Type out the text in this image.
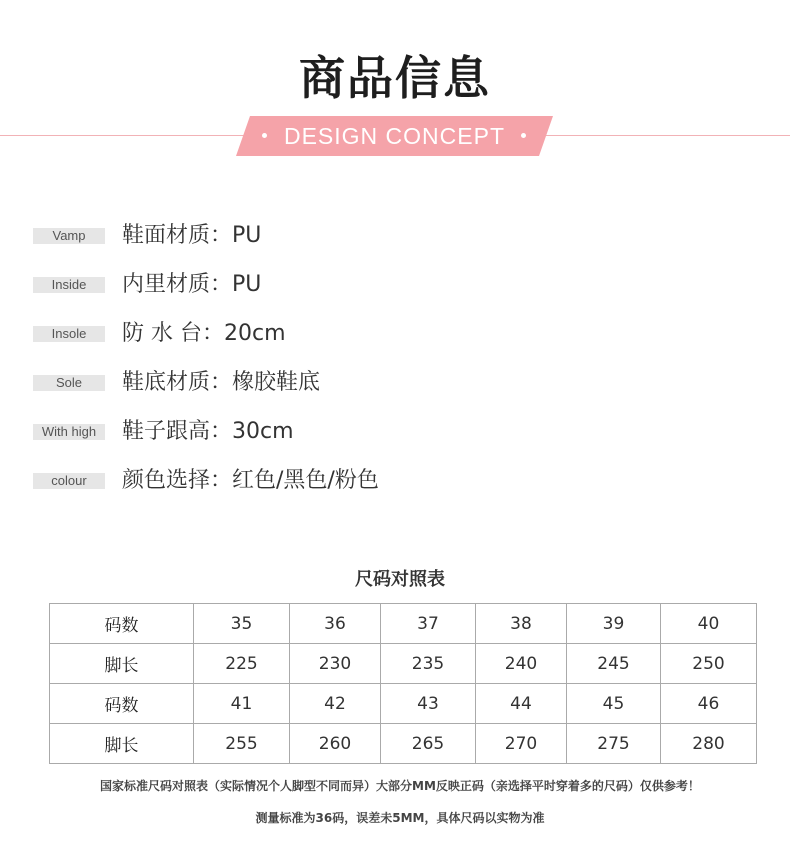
商品信息
DESIGN CONCEPT
Vamp	鞋面材质：PU
Inside	内里材质：PU
Insole	防 水 台：20cm
Sole	鞋底材质：橡胶鞋底
With high	鞋子跟高：30cm
colour	颜色选择：红色/黑色/粉色
尺码对照表
码数	35	36	37	38	39	40
脚长	225	230	235	240	245	250
码数	41	42	43	44	45	46
脚长	255	260	265	270	275	280
国家标准尺码对照表（实际情况个人脚型不同而异）大部分MM反映正码（亲选择平时穿着多的尺码）仅供参考！
测量标准为36码，误差未5MM，具体尺码以实物为准
